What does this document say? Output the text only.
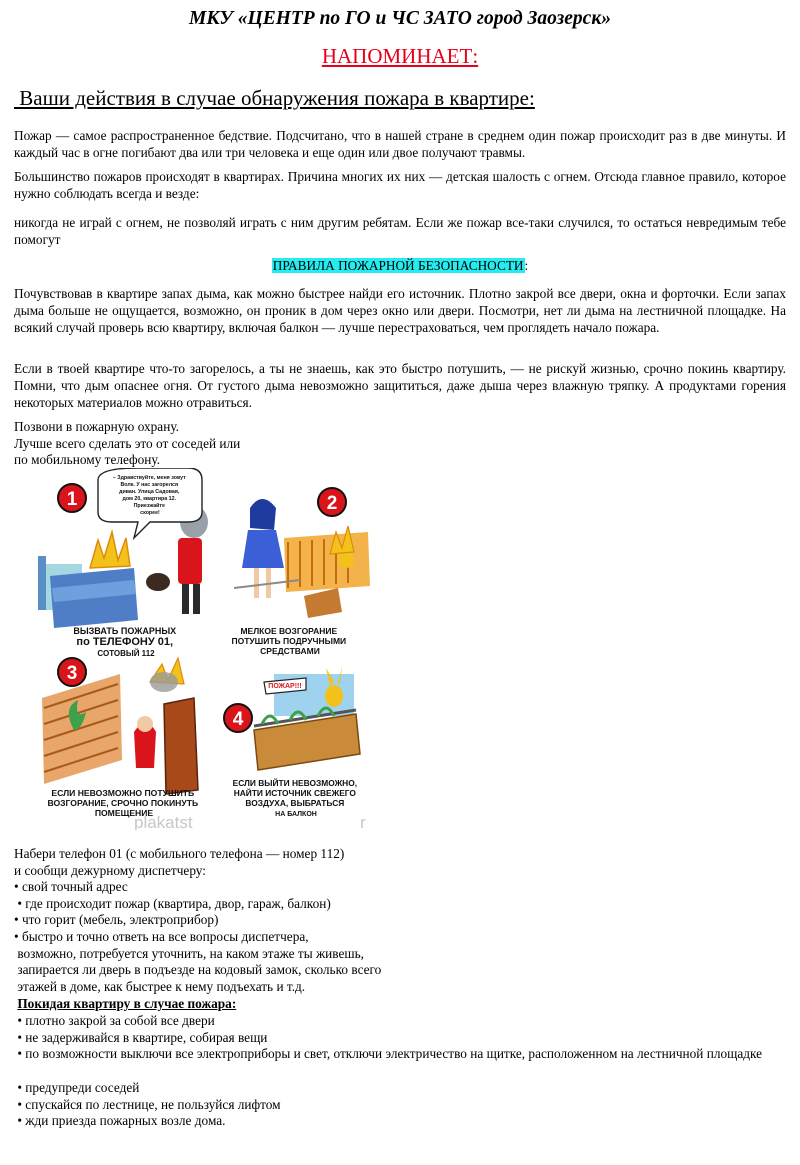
МКУ «ЦЕНТР по ГО и ЧС ЗАТО город Заозерск»
НАПОМИНАЕТ:
Ваши действия в случае обнаружения пожара в квартире:

Пожар — самое распространенное бедствие. Подсчитано, что в нашей стране в среднем один пожар происходит раз в две минуты. И каждый час в огне погибают два или три человека и еще один или двое получают травмы.

Большинство пожаров происходят в квартирах. Причина многих их них — детская шалость с огнем. Отсюда главное правило, которое нужно соблюдать всегда и везде:

никогда не играй с огнем, не позволяй играть с ним другим ребятам. Если же пожар все-таки случился, то остаться невредимым тебе помогут

ПРАВИЛА ПОЖАРНОЙ БЕЗОПАСНОСТИ:

Почувствовав в квартире запах дыма, как можно быстрее найди его источник. Плотно закрой все двери, окна и форточки. Если запах дыма больше не ощущается, возможно, он проник в дом через окно или двери. Посмотри, нет ли дыма на лестничной площадке. На всякий случай проверь всю квартиру, включая балкон — лучше перестраховаться, чем проглядеть начало пожара.

Если в твоей квартире что-то загорелось, а ты не знаешь, как это быстро потушить, — не рискуй жизнью, срочно покинь квартиру. Помни, что дым опаснее огня. От густого дыма невозможно защититься, даже дыша через влажную тряпку. А продуктами горения некоторых материалов можно отравиться.

Позвони в пожарную охрану.
Лучше всего сделать это от соседей или
по мобильному телефону.
– Здравствуйте, меня зовут Волк. У нас загорелся диван. Улица Садовая, дом 20, квартира 12. Приезжайте скорее!
1
ВЫЗВАТЬ ПОЖАРНЫХ по ТЕЛЕФОНУ 01, СОТОВЫЙ 112
2
МЕЛКОЕ ВОЗГОРАНИЕ ПОТУШИТЬ ПОДРУЧНЫМИ СРЕДСТВАМИ
3
ЕСЛИ НЕВОЗМОЖНО ПОТУШИТЬ ВОЗГОРАНИЕ, СРОЧНО ПОКИНУТЬ ПОМЕЩЕНИЕ
ПОЖАР!!!
4
ЕСЛИ ВЫЙТИ НЕВОЗМОЖНО, НАЙТИ ИСТОЧНИК СВЕЖЕГО ВОЗДУХА, ВЫБРАТЬСЯ НА БАЛКОН
plakatst	r
Набери телефон 01 (с мобильного телефона — номер 112)
и сообщи дежурному диспетчеру:
• свой точный адрес
• где происходит пожар (квартира, двор, гараж, балкон)
• что горит (мебель, электроприбор)
• быстро и точно ответь на все вопросы диспетчера,
возможно, потребуется уточнить, на каком этаже ты живешь,
запирается ли дверь в подъезде на кодовый замок, сколько всего
этажей в доме, как быстрее к нему подъехать и т.д.
Покидая квартиру в случае пожара:
• плотно закрой за собой все двери
• не задерживайся в квартире, собирая вещи

• по возможности выключи все электроприборы и свет, отключи электричество на щитке, расположенном на лестничной площадке

• предупреди соседей
• спускайся по лестнице, не пользуйся лифтом
• жди приезда пожарных возле дома.
